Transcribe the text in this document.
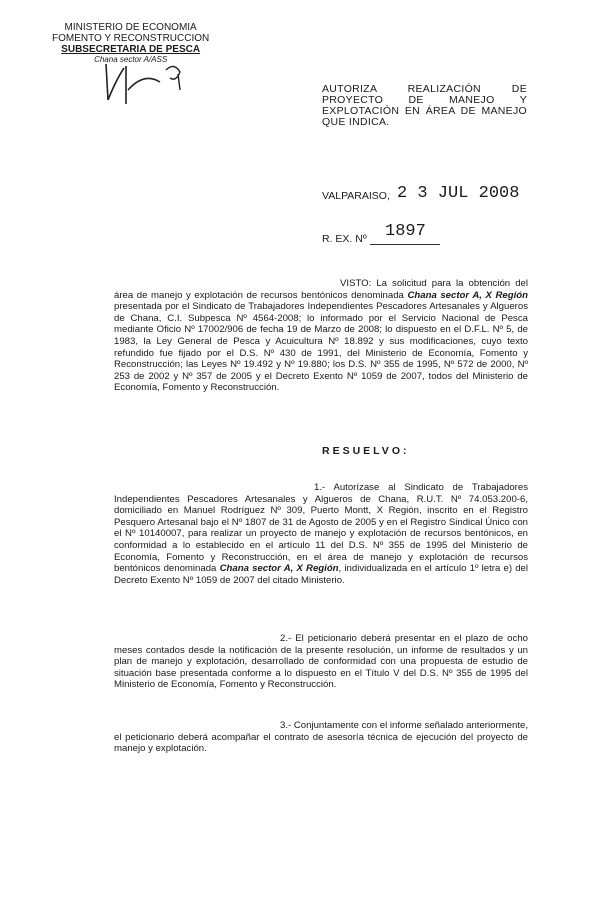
MINISTERIO DE ECONOMIA
FOMENTO Y RECONSTRUCCION
SUBSECRETARIA DE PESCA
Chana sector A/ASS
AUTORIZA REALIZACIÓN DE PROYECTO DE MANEJO Y EXPLOTACIÓN EN ÁREA DE MANEJO QUE INDICA.
VALPARAISO, 2 3 JUL 2008
R. EX. Nº 1897
VISTO: La solicitud para la obtención del área de manejo y explotación de recursos bentónicos denominada Chana sector A, X Región presentada por el Sindicato de Trabajadores Independientes Pescadores Artesanales y Algueros de Chana, C.I. Subpesca Nº 4564-2008; lo informado por el Servicio Nacional de Pesca mediante Oficio Nº 17002/906 de fecha 19 de Marzo de 2008; lo dispuesto en el D.F.L. Nº 5, de 1983, la Ley General de Pesca y Acuicultura Nº 18.892 y sus modificaciones, cuyo texto refundido fue fijado por el D.S. Nº 430 de 1991, del Ministerio de Economía, Fomento y Reconstrucción; las Leyes Nº 19.492 y Nº 19.880; los D.S. Nº 355 de 1995, Nº 572 de 2000, Nº 253 de 2002 y Nº 357 de 2005 y el Decreto Exento Nº 1059 de 2007, todos del Ministerio de Economía, Fomento y Reconstrucción.
RESUELVO:
1.- Autorízase al Sindicato de Trabajadores Independientes Pescadores Artesanales y Algueros de Chana, R.U.T. Nº 74.053.200-6, domiciliado en Manuel Rodríguez Nº 309, Puerto Montt, X Región, inscrito en el Registro Pesquero Artesanal bajo el Nº 1807 de 31 de Agosto de 2005 y en el Registro Sindical Único con el Nº 10140007, para realizar un proyecto de manejo y explotación de recursos bentónicos, en conformidad a lo establecido en el artículo 11 del D.S. Nº 355 de 1995 del Ministerio de Economía, Fomento y Reconstrucción, en el área de manejo y explotación de recursos bentónicos denominada Chana sector A, X Región, individualizada en el artículo 1º letra e) del Decreto Exento Nº 1059 de 2007 del citado Ministerio.
2.- El peticionario deberá presentar en el plazo de ocho meses contados desde la notificación de la presente resolución, un informe de resultados y un plan de manejo y explotación, desarrollado de conformidad con una propuesta de estudio de situación base presentada conforme a lo dispuesto en el Título V del D.S. Nº 355 de 1995 del Ministerio de Economía, Fomento y Reconstrucción.
3.- Conjuntamente con el informe señalado anteriormente, el peticionario deberá acompañar el contrato de asesoría técnica de ejecución del proyecto de manejo y explotación.
